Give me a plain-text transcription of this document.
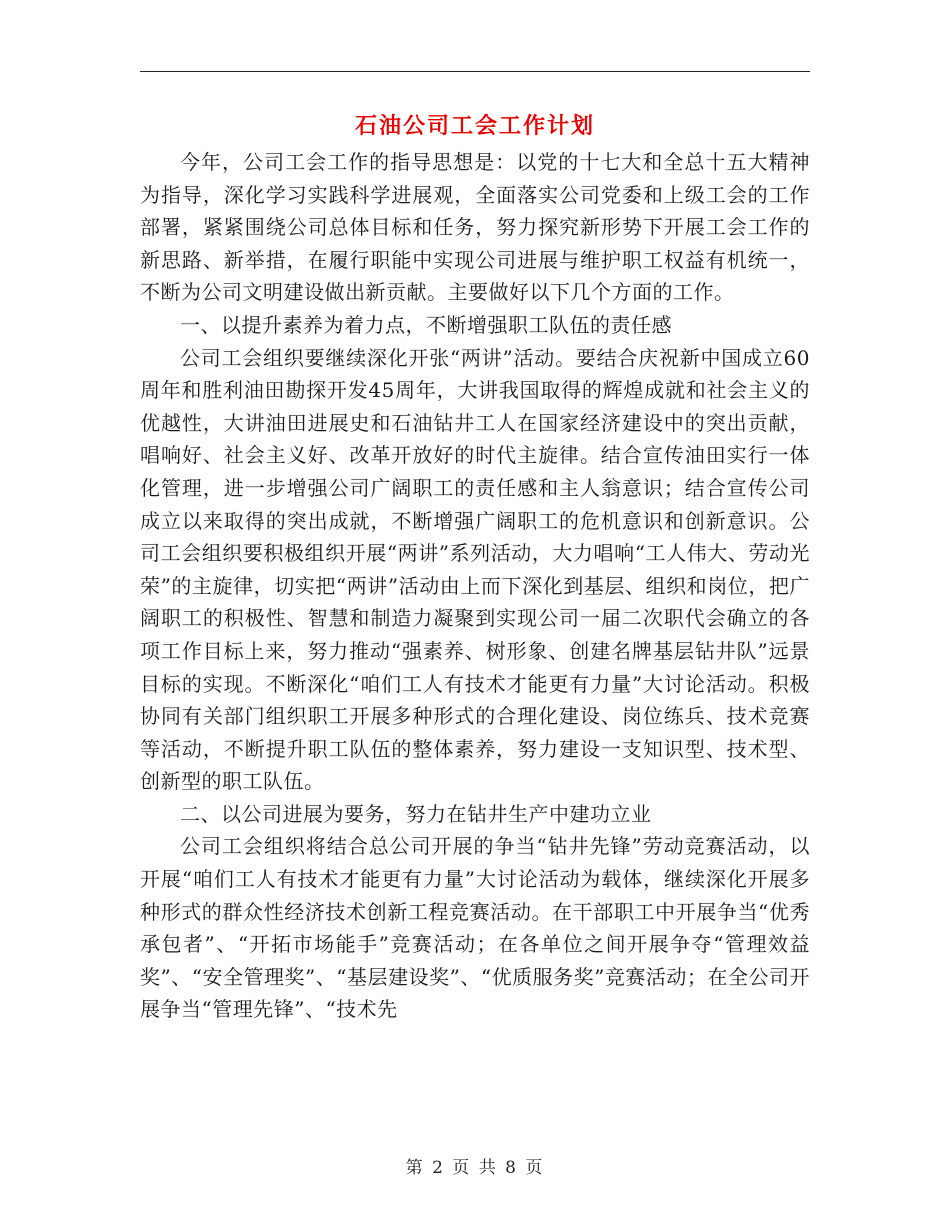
石油公司工会工作计划

今年，公司工会工作的指导思想是：以党的十七大和全总十五大精神为指导，深化学习实践科学进展观，全面落实公司党委和上级工会的工作部署，紧紧围绕公司总体目标和任务，努力探究新形势下开展工会工作的新思路、新举措，在履行职能中实现公司进展与维护职工权益有机统一，不断为公司文明建设做出新贡献。主要做好以下几个方面的工作。

一、以提升素养为着力点，不断增强职工队伍的责任感

公司工会组织要继续深化开张“两讲”活动。要结合庆祝新中国成立60周年和胜利油田勘探开发45周年，大讲我国取得的辉煌成就和社会主义的优越性，大讲油田进展史和石油钻井工人在国家经济建设中的突出贡献，唱响好、社会主义好、改革开放好的时代主旋律。结合宣传油田实行一体化管理，进一步增强公司广阔职工的责任感和主人翁意识；结合宣传公司成立以来取得的突出成就，不断增强广阔职工的危机意识和创新意识。公司工会组织要积极组织开展“两讲”系列活动，大力唱响“工人伟大、劳动光荣”的主旋律，切实把“两讲”活动由上而下深化到基层、组织和岗位，把广阔职工的积极性、智慧和制造力凝聚到实现公司一届二次职代会确立的各项工作目标上来，努力推动“强素养、树形象、创建名牌基层钻井队”远景目标的实现。不断深化“咱们工人有技术才能更有力量”大讨论活动。积极协同有关部门组织职工开展多种形式的合理化建设、岗位练兵、技术竞赛等活动，不断提升职工队伍的整体素养，努力建设一支知识型、技术型、创新型的职工队伍。

二、以公司进展为要务，努力在钻井生产中建功立业

公司工会组织将结合总公司开展的争当“钻井先锋”劳动竞赛活动，以开展“咱们工人有技术才能更有力量”大讨论活动为载体，继续深化开展多种形式的群众性经济技术创新工程竞赛活动。在干部职工中开展争当“优秀承包者”、“开拓市场能手”竞赛活动；在各单位之间开展争夺“管理效益奖”、“安全管理奖”、“基层建设奖”、“优质服务奖”竞赛活动；在全公司开展争当“管理先锋”、“技术先

第 2 页 共 8 页
